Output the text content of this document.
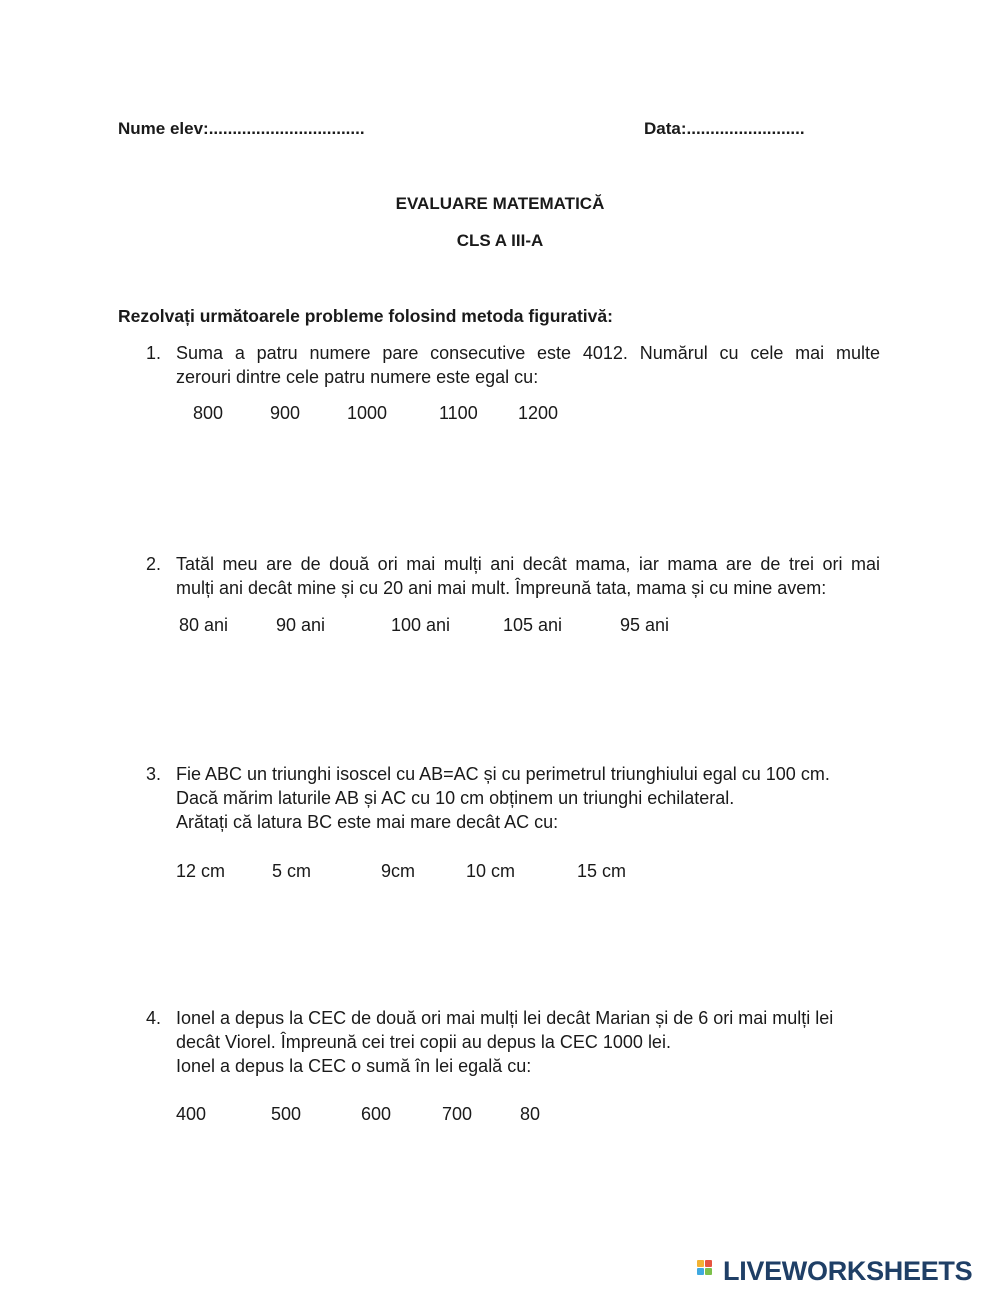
Nume elev:.................................	Data:.........................
EVALUARE MATEMATICĂ
CLS A III-A
Rezolvați următoarele probleme folosind metoda figurativă:
1. Suma a patru numere pare consecutive este 4012. Numărul cu cele mai multe
zerouri dintre cele patru numere este egal cu:
800	900	1000	1100 1200
2. Tatăl meu are de două ori mai mulți ani decât mama, iar mama are de trei ori mai
mulți ani decât mine și cu 20 ani mai mult. Împreună tata, mama și cu mine avem:
80 ani	90 ani	100 ani	105 ani	95 ani
3. Fie ABC un triunghi isoscel cu AB=AC și cu perimetrul triunghiului egal cu 100 cm.
Dacă mărim laturile AB și AC cu 10 cm obținem un triunghi echilateral.
Arătați că latura BC este mai mare decât AC cu:
12 cm	5 cm	9cm	10 cm	15 cm
4. Ionel a depus la CEC de două ori mai mulți lei decât Marian și de 6 ori mai mulți lei
decât Viorel. Împreună cei trei copii au depus la CEC 1000 lei.
Ionel a depus la CEC o sumă în lei egală cu:
400	500	600	700	80
LIVEWORKSHEETS
